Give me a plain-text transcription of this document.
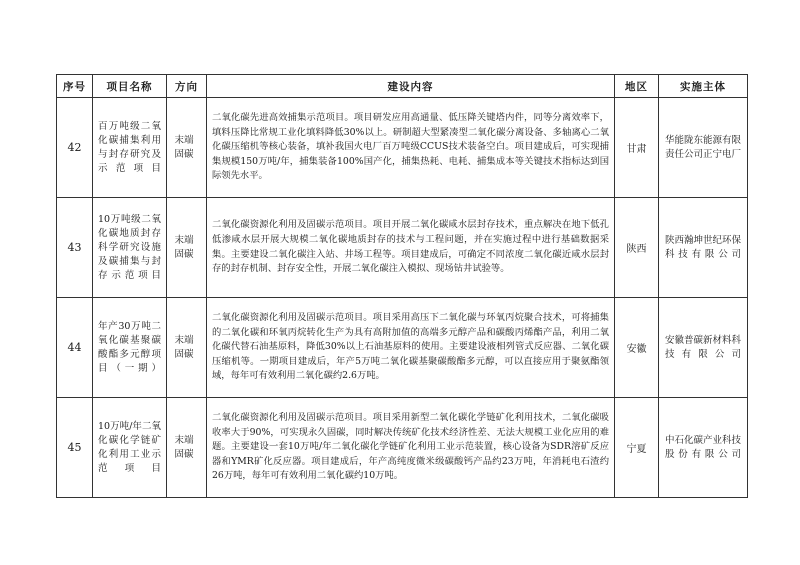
序号	项目名称	方向	建设内容	地区	实施主体
42	百万吨级二氧化碳捕集利用与封存研究及示范项目	末端固碳	二氧化碳先进高效捕集示范项目。项目研发应用高通量、低压降关键塔内件，同等分离效率下，填料压降比常规工业化填料降低30%以上。研制超大型紧凑型二氧化碳分离设备、多轴离心二氧化碳压缩机等核心装备，填补我国火电厂百万吨级CCUS技术装备空白。项目建成后，可实现捕集规模150万吨/年，捕集装备100%国产化，捕集热耗、电耗、捕集成本等关键技术指标达到国际领先水平。	甘肃	华能陇东能源有限责任公司正宁电厂
43	10万吨级二氧化碳地质封存科学研究设施及碳捕集与封存示范项目	末端固碳	二氧化碳资源化利用及固碳示范项目。项目开展二氧化碳咸水层封存技术，重点解决在地下低孔低渗咸水层开展大规模二氧化碳地质封存的技术与工程问题，并在实施过程中进行基础数据采集。主要建设二氧化碳注入站、井场工程等。项目建成后，可确定不同浓度二氧化碳近咸水层封存的封存机制、封存安全性，开展二氧化碳注入模拟、现场钻井试验等。	陕西	陕西瀚坤世纪环保科技有限公司
44	年产30万吨二氧化碳基聚碳酸酯多元醇项目（一期）	末端固碳	二氧化碳资源化利用及固碳示范项目。项目采用高压下二氧化碳与环氧丙烷聚合技术，可将捕集的二氧化碳和环氧丙烷转化生产为具有高附加值的高端多元醇产品和碳酸丙烯酯产品，利用二氧化碳代替石油基原料，降低30%以上石油基原料的使用。主要建设液相列管式反应器、二氧化碳压缩机等。一期项目建成后，年产5万吨二氧化碳基聚碳酸酯多元醇，可以直接应用于聚氨酯领域，每年可有效利用二氧化碳约2.6万吨。	安徽	安徽普碳新材料科技有限公司
45	10万吨/年二氧化碳化学链矿化利用工业示范项目	末端固碳	二氧化碳资源化利用及固碳示范项目。项目采用新型二氧化碳化学链矿化利用技术，二氧化碳吸收率大于90%，可实现永久固碳，同时解决传统矿化技术经济性差、无法大规模工业化应用的难题。主要建设一套10万吨/年二氧化碳化学链矿化利用工业示范装置，核心设备为SDR溶矿反应器和YMR矿化反应器。项目建成后，年产高纯度微米级碳酸钙产品约23万吨，年消耗电石渣约26万吨，每年可有效利用二氧化碳约10万吨。	宁夏	中石化碳产业科技股份有限公司
